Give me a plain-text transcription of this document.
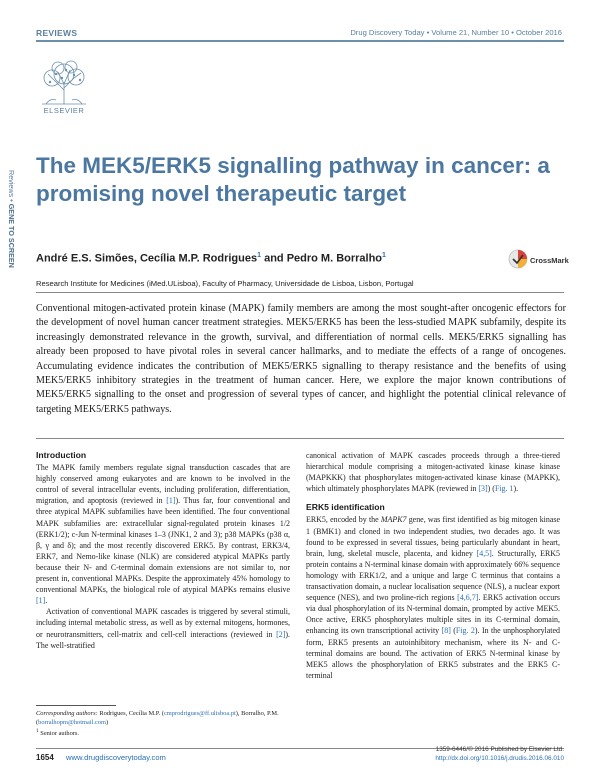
REVIEWS	Drug Discovery Today • Volume 21, Number 10 • October 2016
ELSEVIER
Reviews • GENE TO SCREEN
The MEK5/ERK5 signalling pathway in cancer: a promising novel therapeutic target
André E.S. Simões, Cecília M.P. Rodrigues$^1$ and Pedro M. Borralho$^1$
CrossMark
Research Institute for Medicines (iMed.ULisboa), Faculty of Pharmacy, Universidade de Lisboa, Lisbon, Portugal
Conventional mitogen-activated protein kinase (MAPK) family members are among the most sought-after oncogenic effectors for the development of novel human cancer treatment strategies. MEK5/ERK5 has been the less-studied MAPK subfamily, despite its increasingly demonstrated relevance in the growth, survival, and differentiation of normal cells. MEK5/ERK5 signalling has already been proposed to have pivotal roles in several cancer hallmarks, and to mediate the effects of a range of oncogenes. Accumulating evidence indicates the contribution of MEK5/ERK5 signalling to therapy resistance and the benefits of using MEK5/ERK5 inhibitory strategies in the treatment of human cancer. Here, we explore the major known contributions of MEK5/ERK5 signalling to the onset and progression of several types of cancer, and highlight the potential clinical relevance of targeting MEK5/ERK5 pathways.
Introduction

The MAPK family members regulate signal transduction cascades that are highly conserved among eukaryotes and are known to be involved in the control of several intracellular events, including proliferation, differentiation, migration, and apoptosis (reviewed in [1]). Thus far, four conventional and three atypical MAPK subfamilies have been identified. The four conventional MAPK subfamilies are: extracellular signal-regulated protein kinases 1/2 (ERK1/2); c-Jun N-terminal kinases 1–3 (JNK1, 2 and 3); p38 MAPKs (p38 α, β, γ and δ); and the most recently discovered ERK5. By contrast, ERK3/4, ERK7, and Nemo-like kinase (NLK) are considered atypical MAPKs partly because their N- and C-terminal domain extensions are not similar to, nor present in, conventional MAPKs. Despite the approximately 45% homology to conventional MAPKs, the biological role of atypical MAPKs remains elusive [1].

Activation of conventional MAPK cascades is triggered by several stimuli, including internal metabolic stress, as well as by external mitogens, hormones, or neurotransmitters, cell-matrix and cell-cell interactions (reviewed in [2]). The well-stratified

canonical activation of MAPK cascades proceeds through a three-tiered hierarchical module comprising a mitogen-activated kinase kinase kinase (MAPKKK) that phosphorylates mitogen-activated kinase kinase (MAPKK), which ultimately phosphorylates MAPK (reviewed in [3]) (Fig. 1).

ERK5 identification

ERK5, encoded by the MAPK7 gene, was first identified as big mitogen kinase 1 (BMK1) and cloned in two independent studies, two decades ago. It was found to be expressed in several tissues, being particularly abundant in heart, brain, lung, skeletal muscle, placenta, and kidney [4,5]. Structurally, ERK5 protein contains a N-terminal kinase domain with approximately 66% sequence homology with ERK1/2, and a unique and large C terminus that contains a transactivation domain, a nuclear localisation sequence (NLS), a nuclear export sequence (NES), and two proline-rich regions [4,6,7]. ERK5 activation occurs via dual phosphorylation of its N-terminal domain, prompted by active MEK5. Once active, ERK5 phosphorylates multiple sites in its C-terminal domain, enhancing its own transcriptional activity [8] (Fig. 2). In the unphosphorylated form, ERK5 presents an autoinhibitory mechanism, where its N- and C-terminal domains are bound. The activation of ERK5 N-terminal kinase by MEK5 allows the phosphorylation of ERK5 substrates and the ERK5 C-terminal

Corresponding authors: Rodrigues, Cecília M.P. (cmprodrigues@ff.ulisboa.pt), Borralho, P.M. (borralhopm@hotmail.com)
$^1$ Senior authors.
1654 www.drugdiscoverytoday.com
1359-6446/© 2016 Published by Elsevier Ltd.
http://dx.doi.org/10.1016/j.drudis.2016.06.010
